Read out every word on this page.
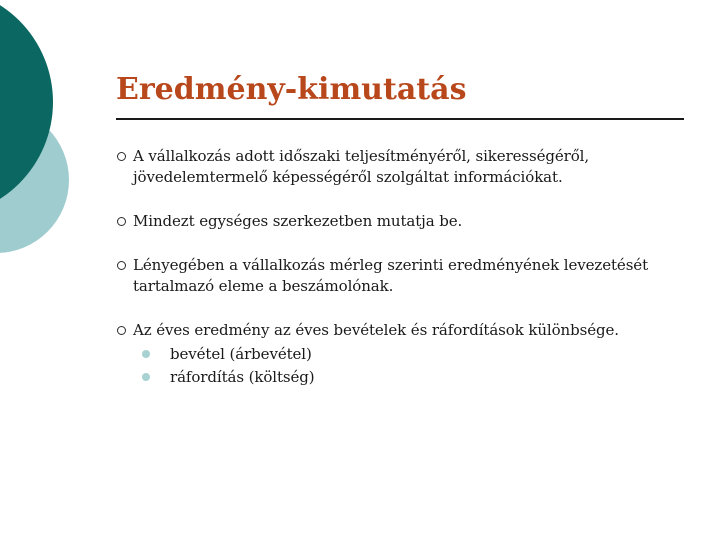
Eredmény-kimutatás
A vállalkozás adott időszaki teljesítményéről, sikerességéről, jövedelemtermelő képességéről szolgáltat információkat.
Mindezt egységes szerkezetben mutatja be.
Lényegében a vállalkozás mérleg szerinti eredményének levezetését tartalmazó eleme a beszámolónak.
Az éves eredmény az éves bevételek és ráfordítások különbsége.
bevétel (árbevétel)
ráfordítás (költség)
